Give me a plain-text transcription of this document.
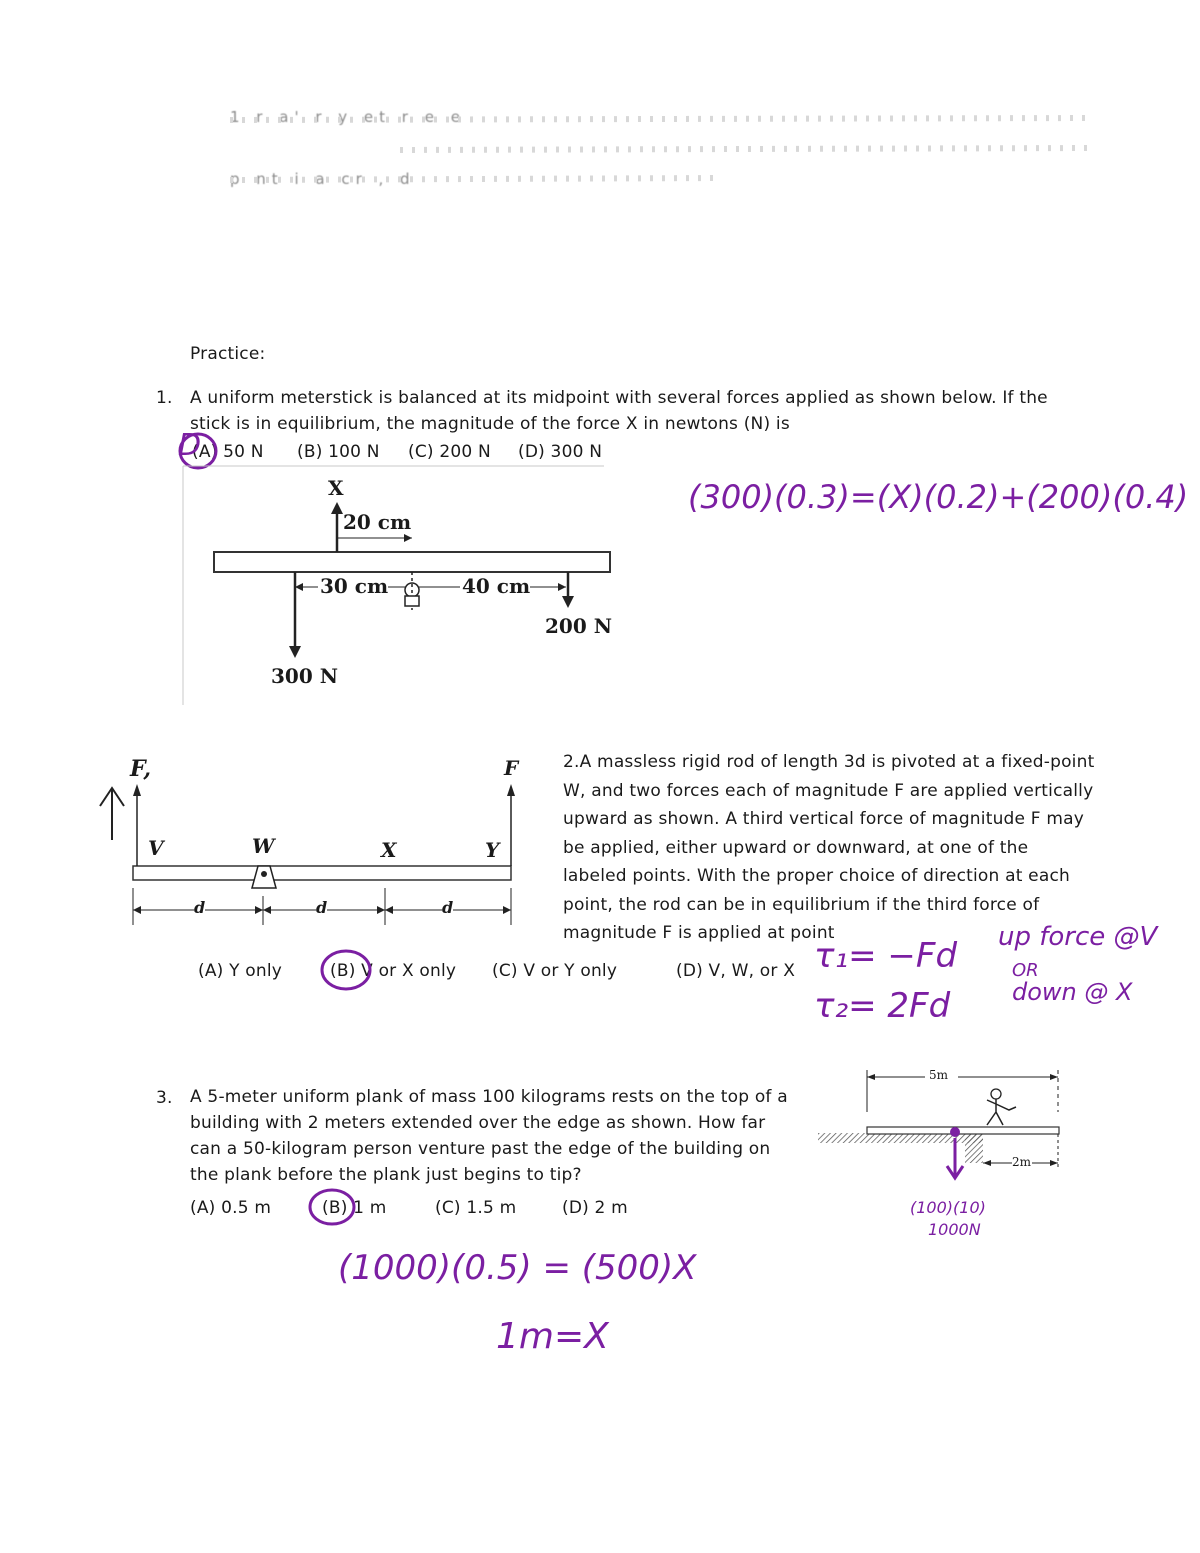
1 r a' r y et r e e
p nt i a cr , d
Practice:
1. A uniform meterstick is balanced at its midpoint with several forces applied as shown below. If the
stick is in equilibrium, the magnitude of the force X in newtons (N) is
(A) 50 N (B) 100 N (C) 200 N (D) 300 N
D
X
20 cm
30 cm	40 cm
200 N
300 N
(300)(0.3)=(X)(0.2)+(200)(0.4)
F,	F
V	W	X	Y
d	d	d
2.A massless rigid rod of length 3d is pivoted at a fixed-point
W, and two forces each of magnitude F are applied vertically
upward as shown. A third vertical force of magnitude F may
be applied, either upward or downward, at one of the
labeled points. With the proper choice of direction at each
point, the rod can be in equilibrium if the third force of
magnitude F is applied at point
(A) Y only	(B) V or X only (C) V or Y only	(D) V, W, or X τ₁= −Fd
τ₂= 2Fd
up force @V
OR
down @ X
3. A 5-meter uniform plank of mass 100 kilograms rests on the top of a
building with 2 meters extended over the edge as shown. How far
can a 50-kilogram person venture past the edge of the building on
the plank before the plank just begins to tip?
(A) 0.5 m	(B) 1 m	(C) 1.5 m	(D) 2 m
5m
2m
(100)(10)
1000N
(1000)(0.5) = (500)X
1m=X
